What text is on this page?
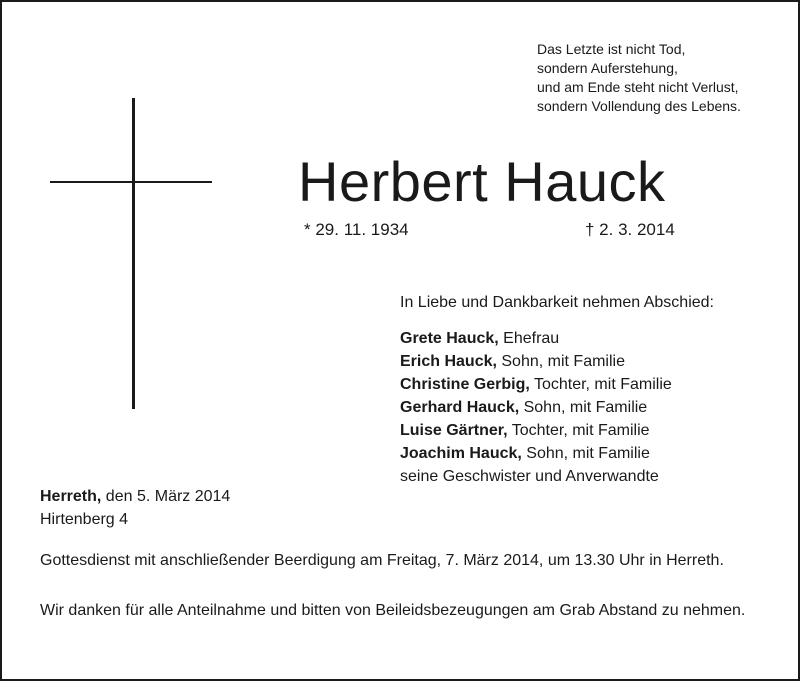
Das Letzte ist nicht Tod,
sondern Auferstehung,
und am Ende steht nicht Verlust,
sondern Vollendung des Lebens.
Herbert Hauck
* 29. 11. 1934	† 2. 3. 2014
In Liebe und Dankbarkeit nehmen Abschied:
Grete Hauck, Ehefrau
Erich Hauck, Sohn, mit Familie
Christine Gerbig, Tochter, mit Familie
Gerhard Hauck, Sohn, mit Familie
Luise Gärtner, Tochter, mit Familie
Joachim Hauck, Sohn, mit Familie
seine Geschwister und Anverwandte
Herreth, den 5. März 2014
Hirtenberg 4
Gottesdienst mit anschließender Beerdigung am Freitag, 7. März 2014, um 13.30 Uhr in Herreth.
Wir danken für alle Anteilnahme und bitten von Beileidsbezeugungen am Grab Abstand zu nehmen.
